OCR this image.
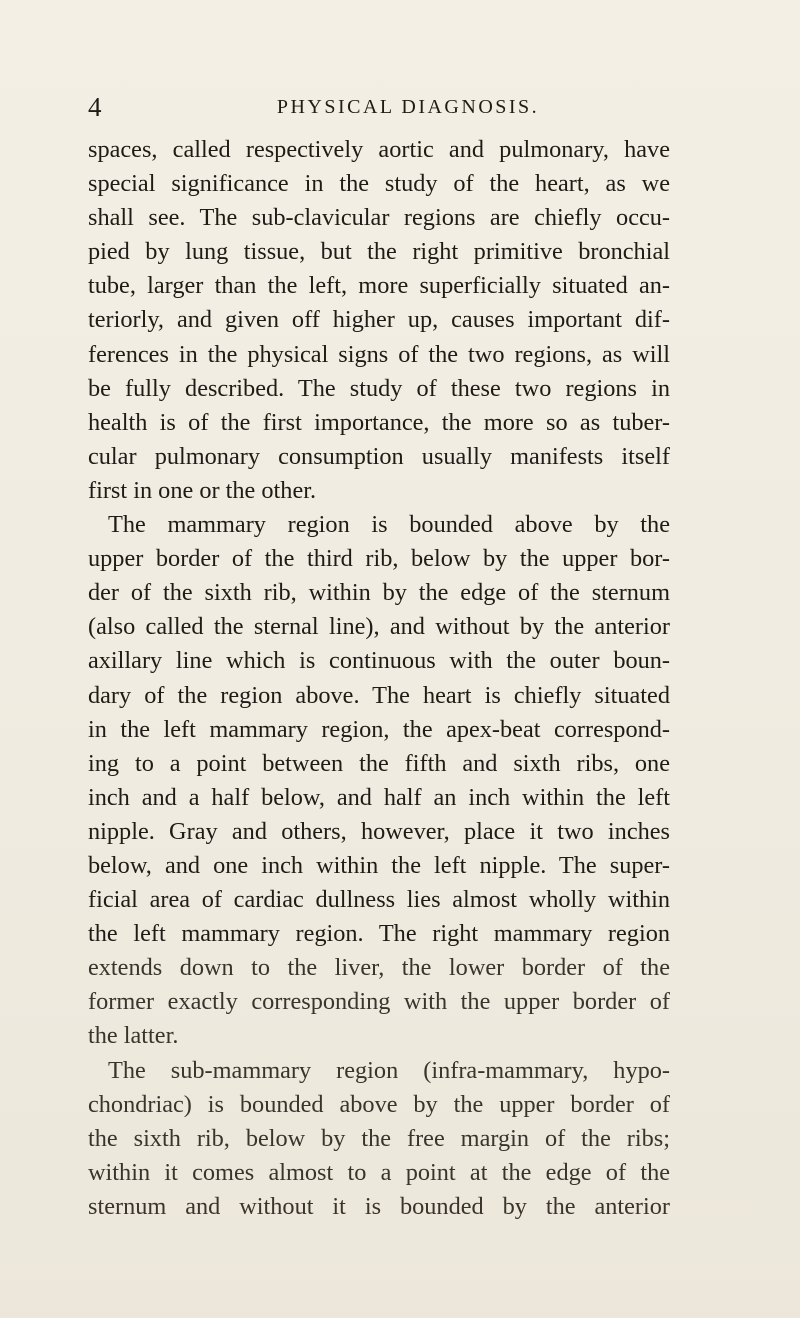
4	PHYSICAL DIAGNOSIS.
spaces, called respectively aortic and pulmonary, have
special significance in the study of the heart, as we
shall see. The sub-clavicular regions are chiefly occu-
pied by lung tissue, but the right primitive bronchial
tube, larger than the left, more superficially situated an-
teriorly, and given off higher up, causes important dif-
ferences in the physical signs of the two regions, as will
be fully described. The study of these two regions in
health is of the first importance, the more so as tuber-
cular pulmonary consumption usually manifests itself
first in one or the other.
The mammary region is bounded above by the
upper border of the third rib, below by the upper bor-
der of the sixth rib, within by the edge of the sternum
(also called the sternal line), and without by the anterior
axillary line which is continuous with the outer boun-
dary of the region above. The heart is chiefly situated
in the left mammary region, the apex-beat correspond-
ing to a point between the fifth and sixth ribs, one
inch and a half below, and half an inch within the left
nipple. Gray and others, however, place it two inches
below, and one inch within the left nipple. The super-
ficial area of cardiac dullness lies almost wholly within
the left mammary region. The right mammary region
extends down to the liver, the lower border of the
former exactly corresponding with the upper border of
the latter.
The sub-mammary region (infra-mammary, hypo-
chondriac) is bounded above by the upper border of
the sixth rib, below by the free margin of the ribs;
within it comes almost to a point at the edge of the
sternum and without it is bounded by the anterior
